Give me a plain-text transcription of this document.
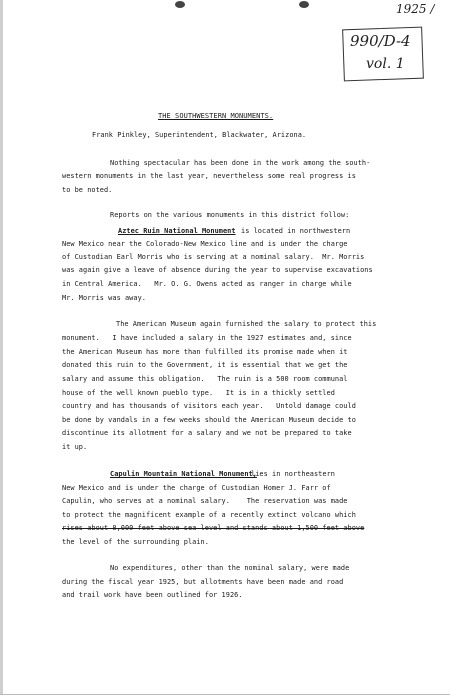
1925 /
990/D-4
vol. 1
THE SOUTHWESTERN MONUMENTS.
Frank Pinkley, Superintendent, Blackwater, Arizona.
Nothing spectacular has been done in the work among the south-
western monuments in the last year, nevertheless some real progress is
to be noted.
Reports on the various monuments in this district follow:
Aztec Ruin National Monument is located in northwestern
New Mexico near the Colorado-New Mexico line and is under the charge
of Custodian Earl Morris who is serving at a nominal salary.  Mr. Morris
was again give a leave of absence during the year to supervise excavations
in Central America.   Mr. O. G. Owens acted as ranger in charge while
Mr. Morris was away.
The American Museum again furnished the salary to protect this
monument.   I have included a salary in the 1927 estimates and, since
the American Museum has more than fulfilled its promise made when it
donated this ruin to the Government, it is essential that we get the
salary and assume this obligation.   The ruin is a 500 room communal
house of the well known pueblo type.   It is in a thickly settled
country and has thousands of visitors each year.   Untold damage could
be done by vandals in a few weeks should the American Museum decide to
discontinue its allotment for a salary and we not be prepared to take
it up.
Capulin Mountain National Monument,
lies in northeastern
New Mexico and is under the charge of Custodian Homer J. Farr of
Capulin, who serves at a nominal salary.    The reservation was made
to protect the magnificent example of a recently extinct volcano which
rises about 8,000 feet above sea level and stands about 1,500 feet above
the level of the surrounding plain.
No expenditures, other than the nominal salary, were made
during the fiscal year 1925, but allotments have been made and road
and trail work have been outlined for 1926.
